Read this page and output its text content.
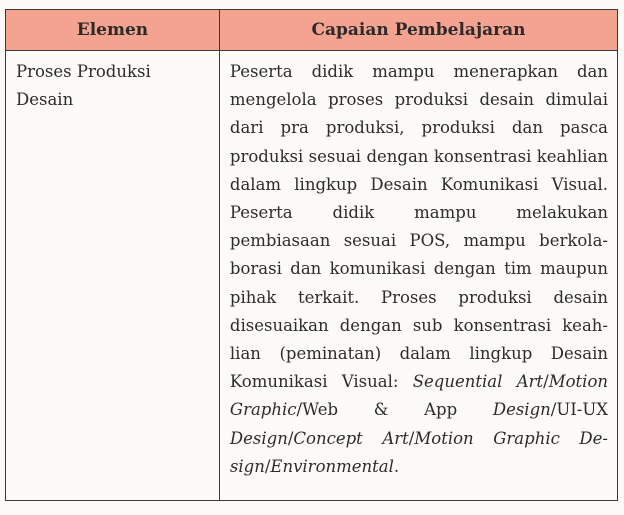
Elemen	Capaian Pembelajaran
Proses Produksi Desain	Peserta didik mampu menerapkan dan mengelola proses produksi desain dimulai dari pra produksi, produksi dan pasca produksi sesuai dengan konsentrasi keahlian dalam lingkup Desain Komunikasi Visual. Peserta didik mampu melakukan pembiasaan sesuai POS, mampu berkolaborasi dan komunikasi dengan tim maupun pihak terkait. Proses produksi desain disesuaikan dengan sub konsentrasi keahlian (peminatan) dalam lingkup Desain Komunikasi Visual: Sequential Art/Motion Graphic/Web & App Design/UI-UX Design/Concept Art/Motion Graphic Design/Environmental.
